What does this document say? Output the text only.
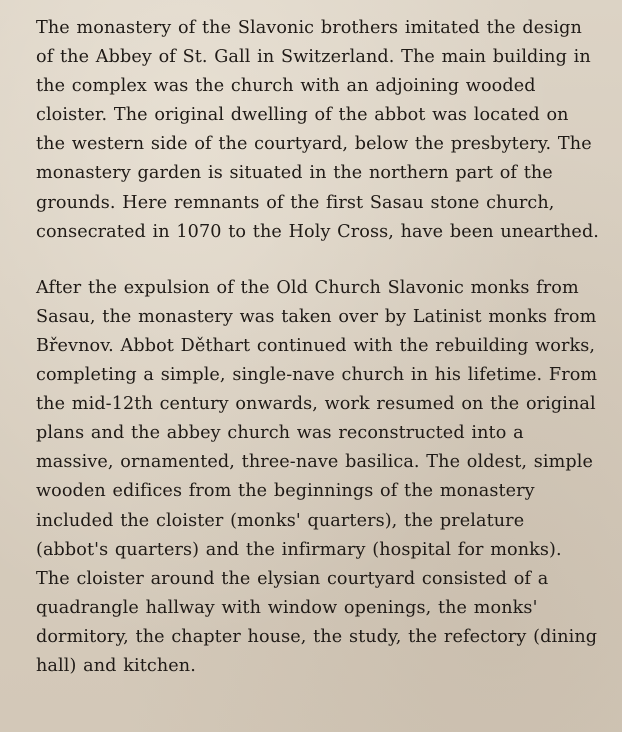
The monastery of the Slavonic brothers imitated the design of the Abbey of St. Gall in Switzerland. The main building in the complex was the church with an adjoining wooded cloister. The original dwelling of the abbot was located on the western side of the courtyard, below the presbytery. The monastery garden is situated in the northern part of the grounds. Here remnants of the first Sasau stone church, consecrated in 1070 to the Holy Cross, have been unearthed.

After the expulsion of the Old Church Slavonic monks from Sasau, the monastery was taken over by Latinist monks from Břevnov. Abbot Děthart continued with the rebuilding works, completing a simple, single-nave church in his lifetime. From the mid-12th century onwards, work resumed on the original plans and the abbey church was reconstructed into a massive, ornamented, three-nave basilica. The oldest, simple wooden edifices from the beginnings of the monastery included the cloister (monks' quarters), the prelature (abbot's quarters) and the infirmary (hospital for monks). The cloister around the elysian courtyard consisted of a quadrangle hallway with window openings, the monks' dormitory, the chapter house, the study, the refectory (dining hall) and kitchen.
